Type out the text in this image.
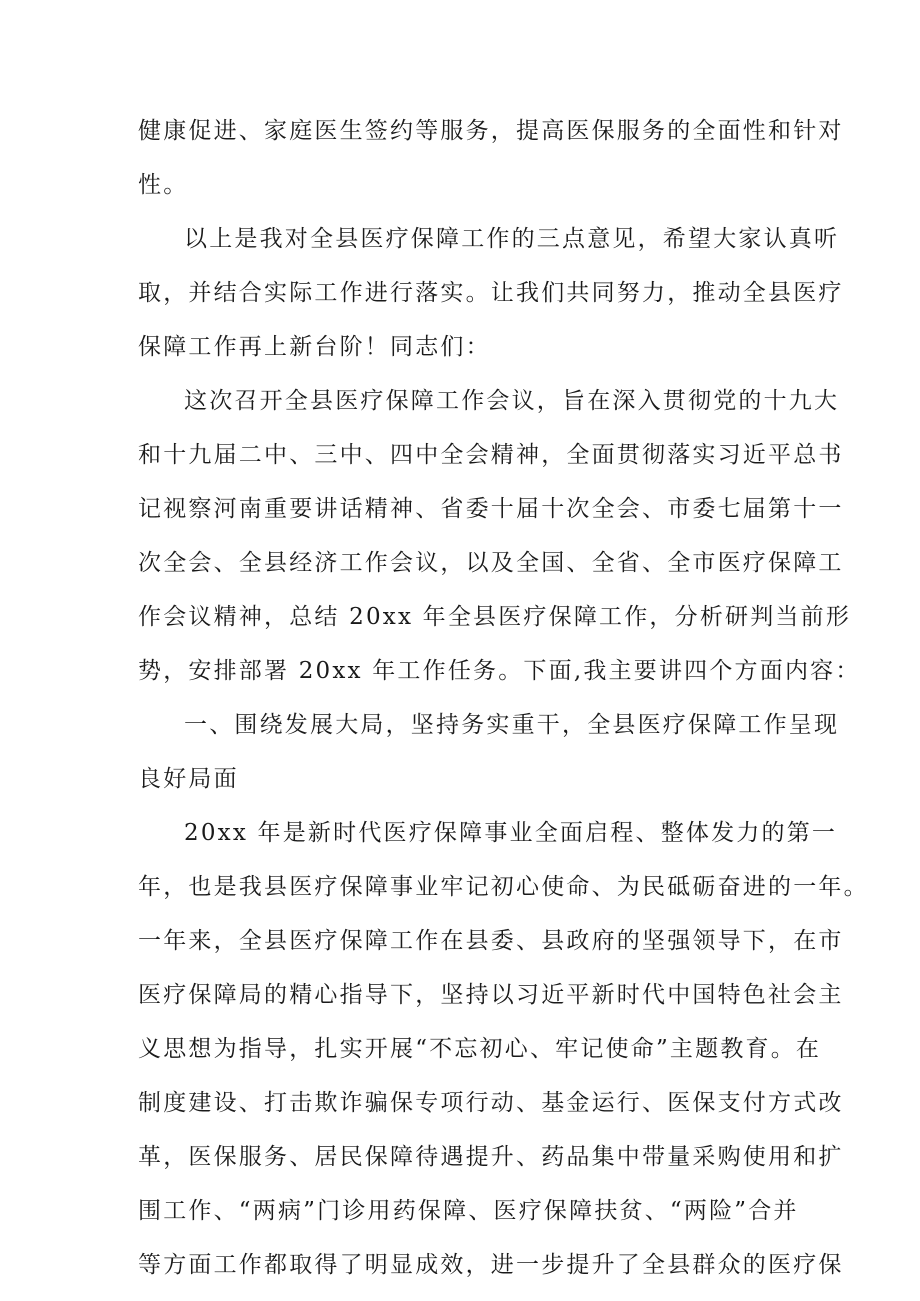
健康促进、家庭医生签约等服务，提高医保服务的全面性和针对
性。
以上是我对全县医疗保障工作的三点意见，希望大家认真听
取，并结合实际工作进行落实。让我们共同努力，推动全县医疗
保障工作再上新台阶！同志们：
这次召开全县医疗保障工作会议，旨在深入贯彻党的十九大
和十九届二中、三中、四中全会精神，全面贯彻落实习近平总书
记视察河南重要讲话精神、省委十届十次全会、市委七届第十一
次全会、全县经济工作会议，以及全国、全省、全市医疗保障工
作会议精神，总结 20xx 年全县医疗保障工作，分析研判当前形
势，安排部署 20xx 年工作任务。下面,我主要讲四个方面内容：
一、围绕发展大局，坚持务实重干，全县医疗保障工作呈现
良好局面
20xx 年是新时代医疗保障事业全面启程、整体发力的第一
年，也是我县医疗保障事业牢记初心使命、为民砥砺奋进的一年。
一年来，全县医疗保障工作在县委、县政府的坚强领导下，在市
医疗保障局的精心指导下，坚持以习近平新时代中国特色社会主
义思想为指导，扎实开展“不忘初心、牢记使命”主题教育。在
制度建设、打击欺诈骗保专项行动、基金运行、医保支付方式改
革，医保服务、居民保障待遇提升、药品集中带量采购使用和扩
围工作、“两病”门诊用药保障、医疗保障扶贫、“两险”合并
等方面工作都取得了明显成效，进一步提升了全县群众的医疗保
